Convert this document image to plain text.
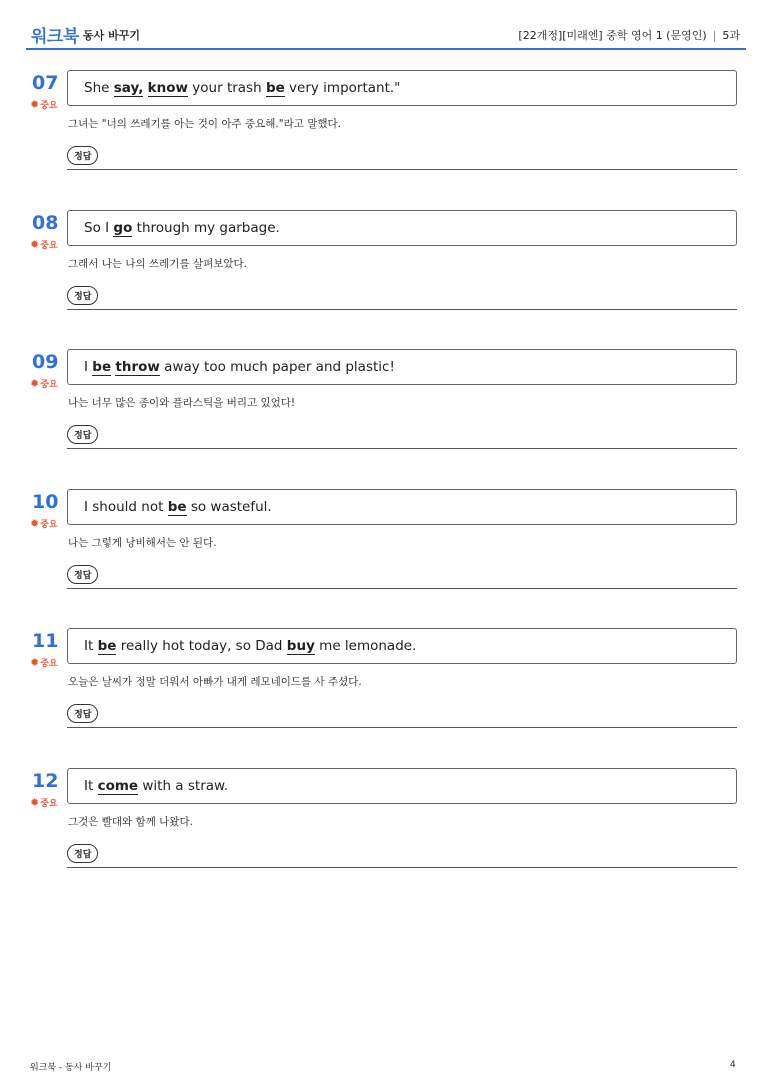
워크북 동사 바꾸기	[22개정][미래엔] 중학 영어 1 (문영인) | 5과
07
✹중요
She say, know your trash be very important."
그녀는 "너의 쓰레기를 아는 것이 아주 중요해."라고 말했다.
정답
08
✹중요
So I go through my garbage.
그래서 나는 나의 쓰레기를 살펴보았다.
정답
09
✹중요
I be throw away too much paper and plastic!
나는 너무 많은 종이와 플라스틱을 버리고 있었다!
정답
10
✹중요
I should not be so wasteful.
나는 그렇게 낭비해서는 안 된다.
정답
11
✹중요
It be really hot today, so Dad buy me lemonade.
오늘은 날씨가 정말 더워서 아빠가 내게 레모네이드를 사 주셨다.
정답
12
✹중요
It come with a straw.
그것은 빨대와 함께 나왔다.
정답
워크북 - 동사 바꾸기	4
